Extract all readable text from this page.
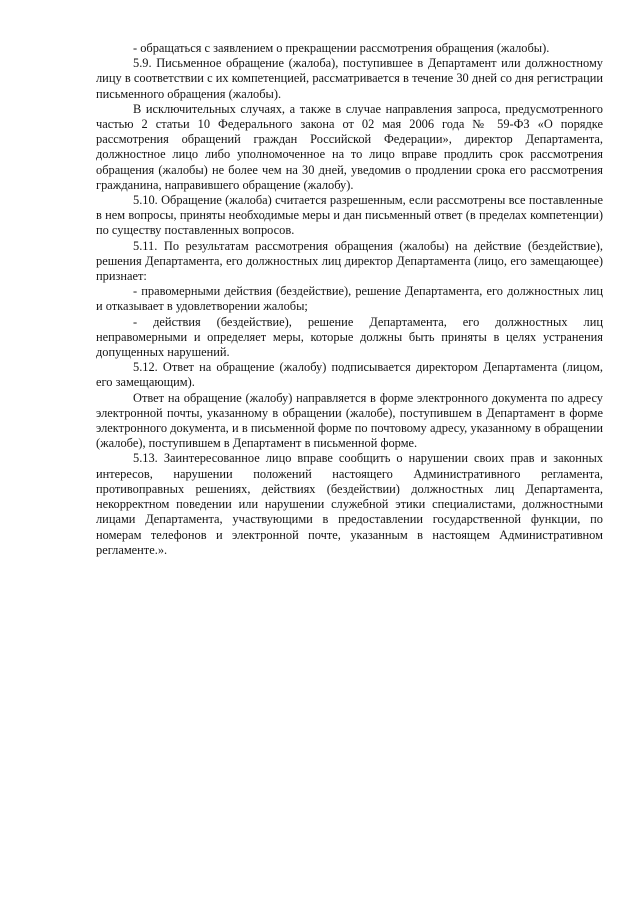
- обращаться с заявлением о прекращении рассмотрения обращения (жалобы).

5.9. Письменное обращение (жалоба), поступившее в Департамент или должностному лицу в соответствии с их компетенцией, рассматривается в течение 30 дней со дня регистрации письменного обращения (жалобы).

В исключительных случаях, а также в случае направления запроса, предусмотренного частью 2 статьи 10 Федерального закона от 02 мая 2006 года № 59-ФЗ «О порядке рассмотрения обращений граждан Российской Федерации», директор Департамента, должностное лицо либо уполномоченное на то лицо вправе продлить срок рассмотрения обращения (жалобы) не более чем на 30 дней, уведомив о продлении срока его рассмотрения гражданина, направившего обращение (жалобу).

5.10. Обращение (жалоба) считается разрешенным, если рассмотрены все поставленные в нем вопросы, приняты необходимые меры и дан письменный ответ (в пределах компетенции) по существу поставленных вопросов.

5.11. По результатам рассмотрения обращения (жалобы) на действие (бездействие), решения Департамента, его должностных лиц директор Департамента (лицо, его замещающее) признает:

- правомерными действия (бездействие), решение Департамента, его должностных лиц и отказывает в удовлетворении жалобы;

- действия (бездействие), решение Департамента, его должностных лиц неправомерными и определяет меры, которые должны быть приняты в целях устранения допущенных нарушений.

5.12. Ответ на обращение (жалобу) подписывается директором Департамента (лицом, его замещающим).

Ответ на обращение (жалобу) направляется в форме электронного документа по адресу электронной почты, указанному в обращении (жалобе), поступившем в Департамент в форме электронного документа, и в письменной форме по почтовому адресу, указанному в обращении (жалобе), поступившем в Департамент в письменной форме.

5.13. Заинтересованное лицо вправе сообщить о нарушении своих прав и законных интересов, нарушении положений настоящего Административного регламента, противоправных решениях, действиях (бездействии) должностных лиц Департамента, некорректном поведении или нарушении служебной этики специалистами, должностными лицами Департамента, участвующими в предоставлении государственной функции, по номерам телефонов и электронной почте, указанным в настоящем Административном регламенте.».
